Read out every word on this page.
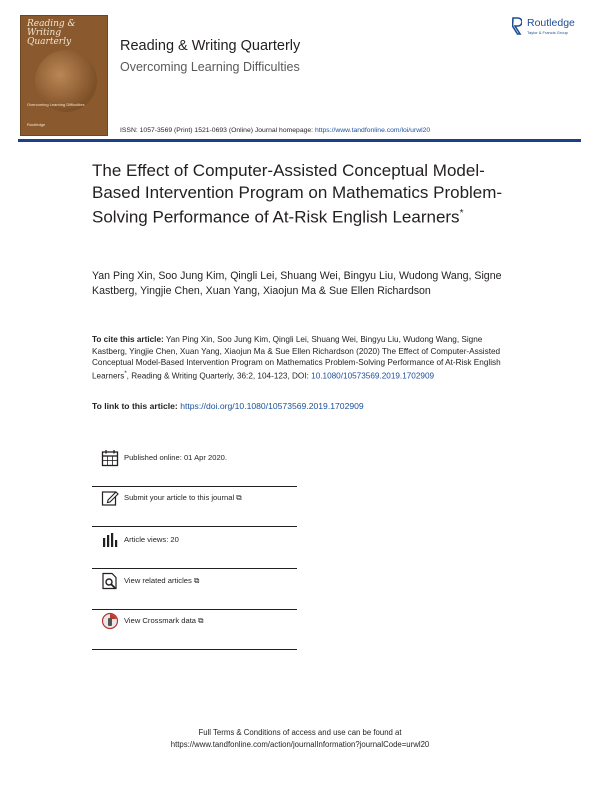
Reading &
Writing Quarterly
Overcoming Learning Difficulties
Routledge
Reading & Writing Quarterly
Overcoming Learning Difficulties
Routledge
Taylor & Francis Group
ISSN: 1057-3569 (Print) 1521-0693 (Online) Journal homepage: https://www.tandfonline.com/loi/urwl20
The Effect of Computer-Assisted Conceptual Model-Based Intervention Program on Mathematics Problem-Solving Performance of At-Risk English Learners*
Yan Ping Xin, Soo Jung Kim, Qingli Lei, Shuang Wei, Bingyu Liu, Wudong Wang, Signe Kastberg, Yingjie Chen, Xuan Yang, Xiaojun Ma & Sue Ellen Richardson
To cite this article: Yan Ping Xin, Soo Jung Kim, Qingli Lei, Shuang Wei, Bingyu Liu, Wudong Wang, Signe Kastberg, Yingjie Chen, Xuan Yang, Xiaojun Ma & Sue Ellen Richardson (2020) The Effect of Computer-Assisted Conceptual Model-Based Intervention Program on Mathematics Problem-Solving Performance of At-Risk English Learners*, Reading & Writing Quarterly, 36:2, 104-123, DOI: 10.1080/10573569.2019.1702909
To link to this article: https://doi.org/10.1080/10573569.2019.1702909
Published online: 01 Apr 2020.
Submit your article to this journal ⧉
Article views: 20
View related articles ⧉
View Crossmark data ⧉
Full Terms & Conditions of access and use can be found at
https://www.tandfonline.com/action/journalInformation?journalCode=urwl20
